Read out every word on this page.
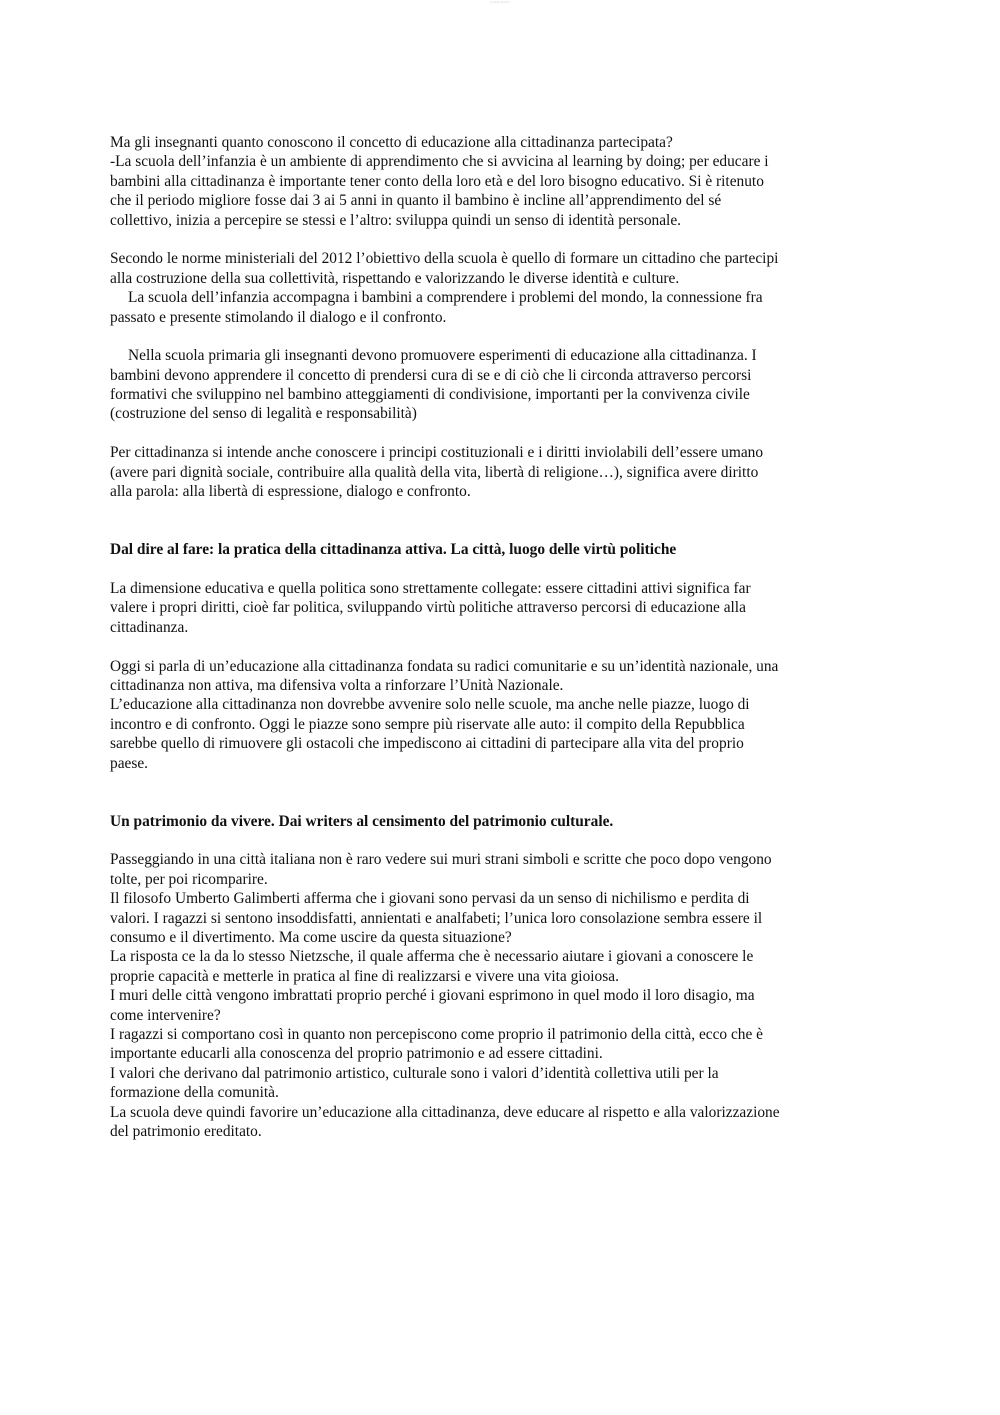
Lorem ipsum
Ma gli insegnanti quanto conoscono il concetto di educazione alla cittadinanza partecipata?
-La scuola dell’infanzia è un ambiente di apprendimento che si avvicina al learning by doing; per educare i
bambini alla cittadinanza è importante tener conto della loro età e del loro bisogno educativo. Si è ritenuto
che il periodo migliore fosse dai 3 ai 5 anni in quanto il bambino è incline all’apprendimento del sé
collettivo, inizia a percepire se stessi e l’altro: sviluppa quindi un senso di identità personale.
Secondo le norme ministeriali del 2012 l’obiettivo della scuola è quello di formare un cittadino che partecipi
alla costruzione della sua collettività, rispettando e valorizzando le diverse identità e culture.
La scuola dell’infanzia accompagna i bambini a comprendere i problemi del mondo, la connessione fra
passato e presente stimolando il dialogo e il confronto.
Nella scuola primaria gli insegnanti devono promuovere esperimenti di educazione alla cittadinanza. I
bambini devono apprendere il concetto di prendersi cura di se e di ciò che li circonda attraverso percorsi
formativi che sviluppino nel bambino atteggiamenti di condivisione, importanti per la convivenza civile
(costruzione del senso di legalità e responsabilità)
Per cittadinanza si intende anche conoscere i principi costituzionali e i diritti inviolabili dell’essere umano
(avere pari dignità sociale, contribuire alla qualità della vita, libertà di religione…), significa avere diritto
alla parola: alla libertà di espressione, dialogo e confronto.
Dal dire al fare: la pratica della cittadinanza attiva. La città, luogo delle virtù politiche
La dimensione educativa e quella politica sono strettamente collegate: essere cittadini attivi significa far
valere i propri diritti, cioè far politica, sviluppando virtù politiche attraverso percorsi di educazione alla
cittadinanza.
Oggi si parla di un’educazione alla cittadinanza fondata su radici comunitarie e su un’identità nazionale, una
cittadinanza non attiva, ma difensiva volta a rinforzare l’Unità Nazionale.
L’educazione alla cittadinanza non dovrebbe avvenire solo nelle scuole, ma anche nelle piazze, luogo di
incontro e di confronto. Oggi le piazze sono sempre più riservate alle auto: il compito della Repubblica
sarebbe quello di rimuovere gli ostacoli che impediscono ai cittadini di partecipare alla vita del proprio
paese.
Un patrimonio da vivere. Dai writers al censimento del patrimonio culturale.
Passeggiando in una città italiana non è raro vedere sui muri strani simboli e scritte che poco dopo vengono
tolte, per poi ricomparire.
Il filosofo Umberto Galimberti afferma che i giovani sono pervasi da un senso di nichilismo e perdita di
valori. I ragazzi si sentono insoddisfatti, annientati e analfabeti; l’unica loro consolazione sembra essere il
consumo e il divertimento. Ma come uscire da questa situazione?
La risposta ce la da lo stesso Nietzsche, il quale afferma che è necessario aiutare i giovani a conoscere le
proprie capacità e metterle in pratica al fine di realizzarsi e vivere una vita gioiosa.
I muri delle città vengono imbrattati proprio perché i giovani esprimono in quel modo il loro disagio, ma
come intervenire?
I ragazzi si comportano così in quanto non percepiscono come proprio il patrimonio della città, ecco che è
importante educarli alla conoscenza del proprio patrimonio e ad essere cittadini.
I valori che derivano dal patrimonio artistico, culturale sono i valori d’identità collettiva utili per la
formazione della comunità.
La scuola deve quindi favorire un’educazione alla cittadinanza, deve educare al rispetto e alla valorizzazione
del patrimonio ereditato.
